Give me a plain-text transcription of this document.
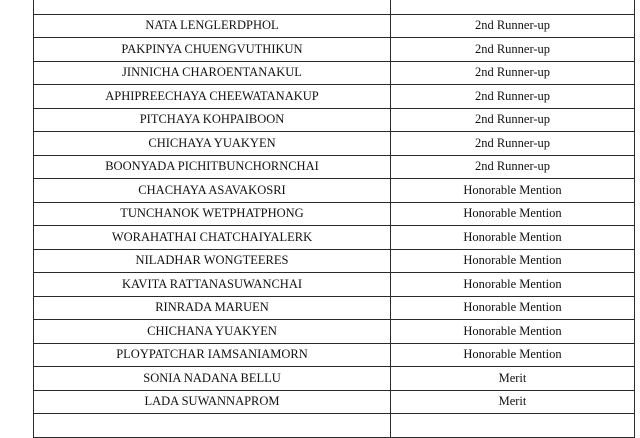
NATA LENGLERDPHOL	2nd Runner-up
PAKPINYA CHUENGVUTHIKUN	2nd Runner-up
JINNICHA CHAROENTANAKUL	2nd Runner-up
APHIPREECHAYA CHEEWATANAKUP	2nd Runner-up
PITCHAYA KOHPAIBOON	2nd Runner-up
CHICHAYA YUAKYEN	2nd Runner-up
BOONYADA PICHITBUNCHORNCHAI	2nd Runner-up
CHACHAYA ASAVAKOSRI	Honorable Mention
TUNCHANOK WETPHATPHONG	Honorable Mention
WORAHATHAI CHATCHAIYALERK	Honorable Mention
NILADHAR WONGTEERES	Honorable Mention
KAVITA RATTANASUWANCHAI	Honorable Mention
RINRADA MARUEN	Honorable Mention
CHICHANA YUAKYEN	Honorable Mention
PLOYPATCHAR IAMSANIAMORN	Honorable Mention
SONIA NADANA BELLU	Merit
LADA SUWANNAPROM	Merit
